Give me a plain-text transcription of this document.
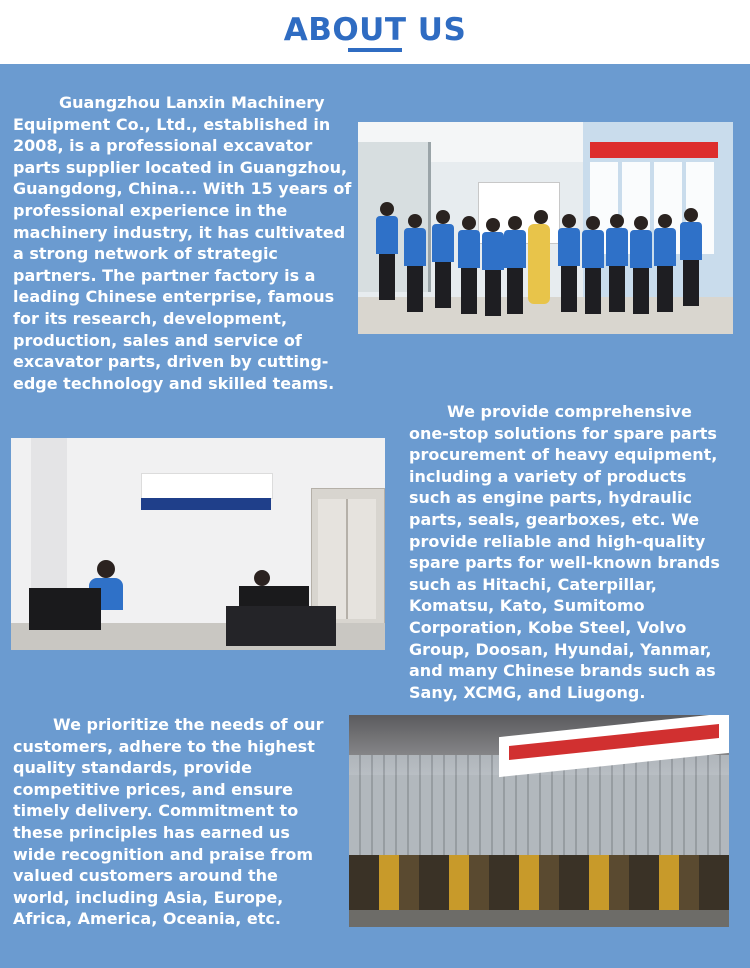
ABOUT US

Guangzhou Lanxin Machinery Equipment Co., Ltd., established in 2008, is a professional excavator parts supplier located in Guangzhou, Guangdong, China... With 15 years of professional experience in the machinery industry, it has cultivated a strong network of strategic partners. The partner factory is a leading Chinese enterprise, famous for its research, development, production, sales and service of excavator parts, driven by cutting-edge technology and skilled teams.

We provide comprehensive one-stop solutions for spare parts procurement of heavy equipment, including a variety of products such as engine parts, hydraulic parts, seals, gearboxes, etc. We provide reliable and high-quality spare parts for well-known brands such as Hitachi, Caterpillar, Komatsu, Kato, Sumitomo Corporation, Kobe Steel, Volvo Group, Doosan, Hyundai, Yanmar, and many Chinese brands such as Sany, XCMG, and Liugong.

We prioritize the needs of our customers, adhere to the highest quality standards, provide competitive prices, and ensure timely delivery. Commitment to these principles has earned us wide recognition and praise from valued customers around the world, including Asia, Europe, Africa, America, Oceania, etc.
